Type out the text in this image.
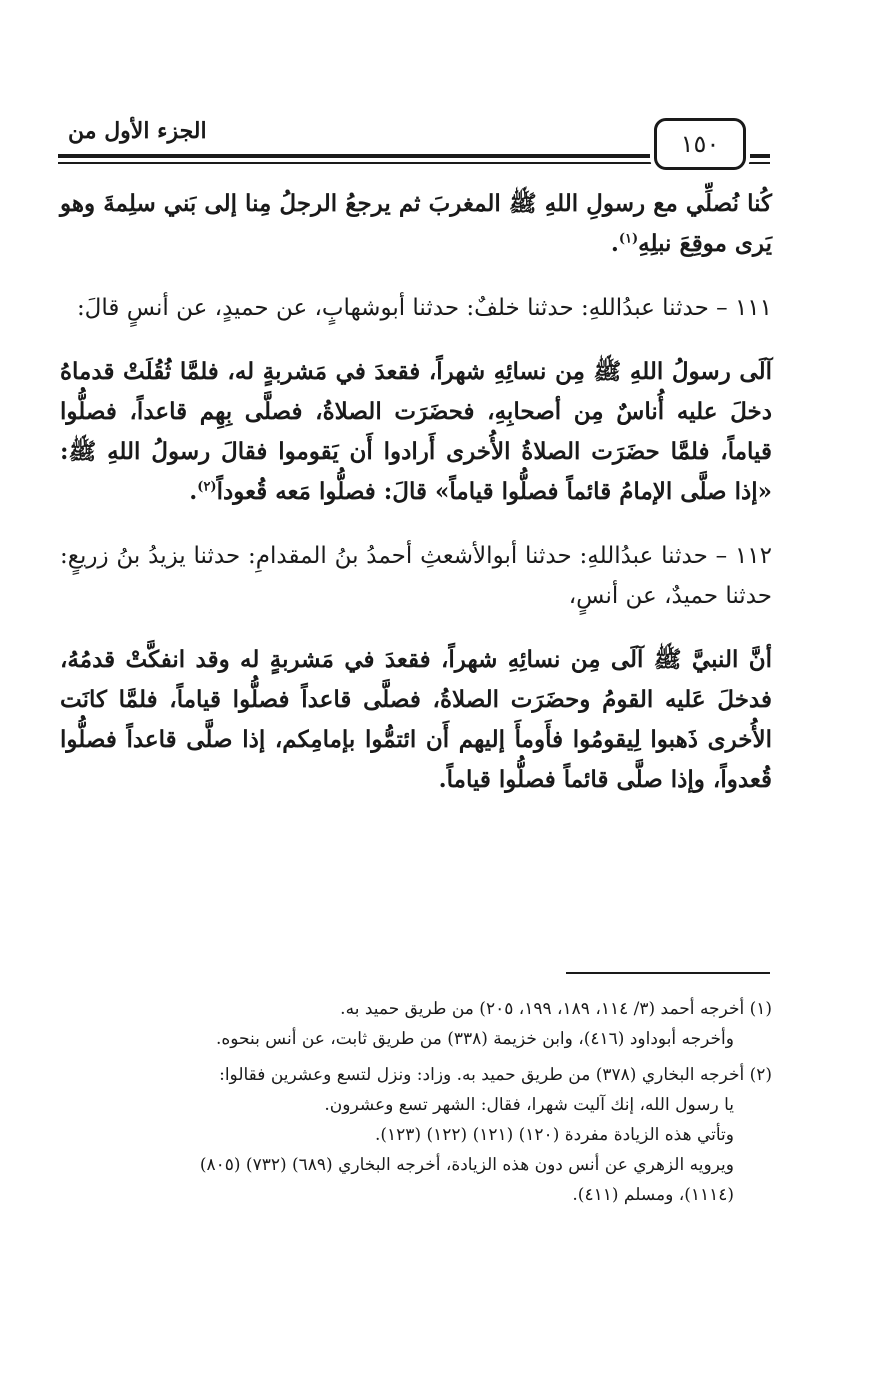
الجزء الأول من	١٥٠

كُنا نُصلِّي مع رسولِ اللهِ ﷺ المغربَ ثم يرجعُ الرجلُ مِنا إلى بَني سلِمةَ وهو يَرى موقِعَ نبلِهِ$^{(١)}$.

١١١ – حدثنا عبدُاللهِ: حدثنا خلفٌ: حدثنا أبوشهابٍ، عن حميدٍ، عن أنسٍ قالَ:

آلَى رسولُ اللهِ ﷺ مِن نسائِهِ شهراً، فقعدَ في مَشربةٍ له، فلمَّا ثُقُلَتْ قدماهُ دخلَ عليه أُناسٌ مِن أصحابِهِ، فحضَرَت الصلاةُ، فصلَّى بِهِم قاعداً، فصلُّوا قياماً، فلمَّا حضَرَت الصلاةُ الأُخرى أَرادوا أَن يَقوموا فقالَ رسولُ اللهِ ﷺ: «إذا صلَّى الإمامُ قائماً فصلُّوا قياماً» قالَ: فصلُّوا مَعه قُعوداً$^{(٢)}$.

١١٢ – حدثنا عبدُاللهِ: حدثنا أبوالأشعثِ أحمدُ بنُ المقدامِ: حدثنا يزيدُ بنُ زريعٍ: حدثنا حميدٌ، عن أنسٍ،

أنَّ النبيَّ ﷺ آلَى مِن نسائِهِ شهراً، فقعدَ في مَشربةٍ له وقد انفكَّتْ قدمُهُ، فدخلَ عَليه القومُ وحضَرَت الصلاةُ، فصلَّى قاعداً فصلُّوا قياماً، فلمَّا كانَت الأُخرى ذَهبوا لِيقومُوا فأَومأَ إليهم أَن ائتمُّوا بإمامِكم، إذا صلَّى قاعداً فصلُّوا قُعدواً، وإذا صلَّى قائماً فصلُّوا قياماً.

(١) أخرجه أحمد (٣/ ١١٤، ١٨٩، ١٩٩، ٢٠٥) من طريق حميد به.

وأخرجه أبوداود (٤١٦)، وابن خزيمة (٣٣٨) من طريق ثابت، عن أنس بنحوه.

(٢) أخرجه البخاري (٣٧٨) من طريق حميد به. وزاد: ونزل لتسع وعشرين فقالوا:

يا رسول الله، إنك آليت شهرا، فقال: الشهر تسع وعشرون.

وتأتي هذه الزيادة مفردة (١٢٠) (١٢١) (١٢٢) (١٢٣).

ويرويه الزهري عن أنس دون هذه الزيادة، أخرجه البخاري (٦٨٩) (٧٣٢) (٨٠٥)

(١١١٤)، ومسلم (٤١١).
